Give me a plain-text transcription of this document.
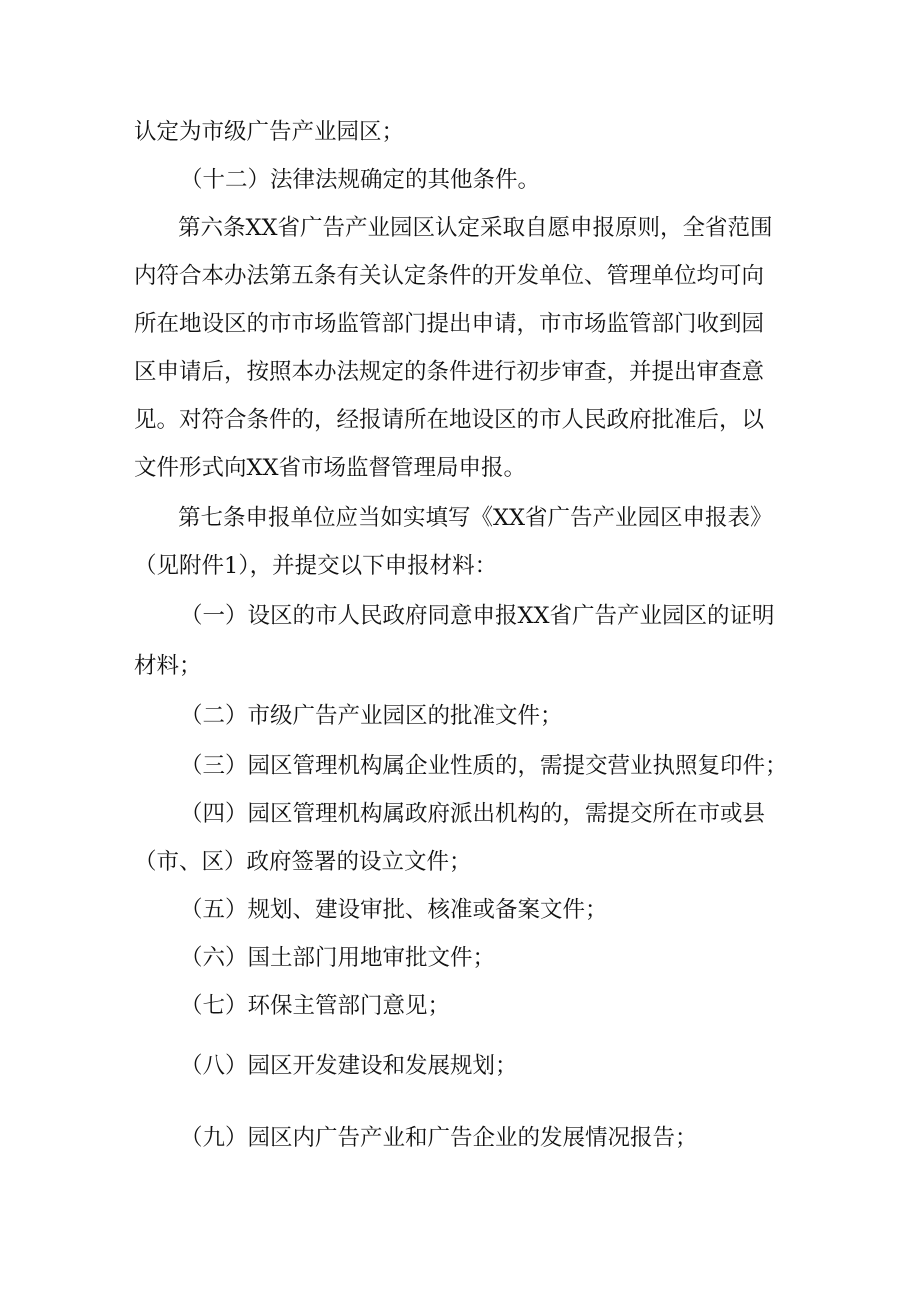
认定为市级广告产业园区；

（十二）法律法规确定的其他条件。

第六条XX省广告产业园区认定采取自愿申报原则，全省范围

内符合本办法第五条有关认定条件的开发单位、管理单位均可向

所在地设区的市市场监管部门提出申请，市市场监管部门收到园

区申请后，按照本办法规定的条件进行初步审查，并提出审查意

见。对符合条件的，经报请所在地设区的市人民政府批准后，以

文件形式向XX省市场监督管理局申报。

第七条申报单位应当如实填写《XX省广告产业园区申报表》

（见附件1），并提交以下申报材料：

（一）设区的市人民政府同意申报XX省广告产业园区的证明

材料；

（二）市级广告产业园区的批准文件；

（三）园区管理机构属企业性质的，需提交营业执照复印件；

（四）园区管理机构属政府派出机构的，需提交所在市或县

（市、区）政府签署的设立文件；

（五）规划、建设审批、核准或备案文件；

（六）国土部门用地审批文件；

（七）环保主管部门意见；

（八）园区开发建设和发展规划；

（九）园区内广告产业和广告企业的发展情况报告；
